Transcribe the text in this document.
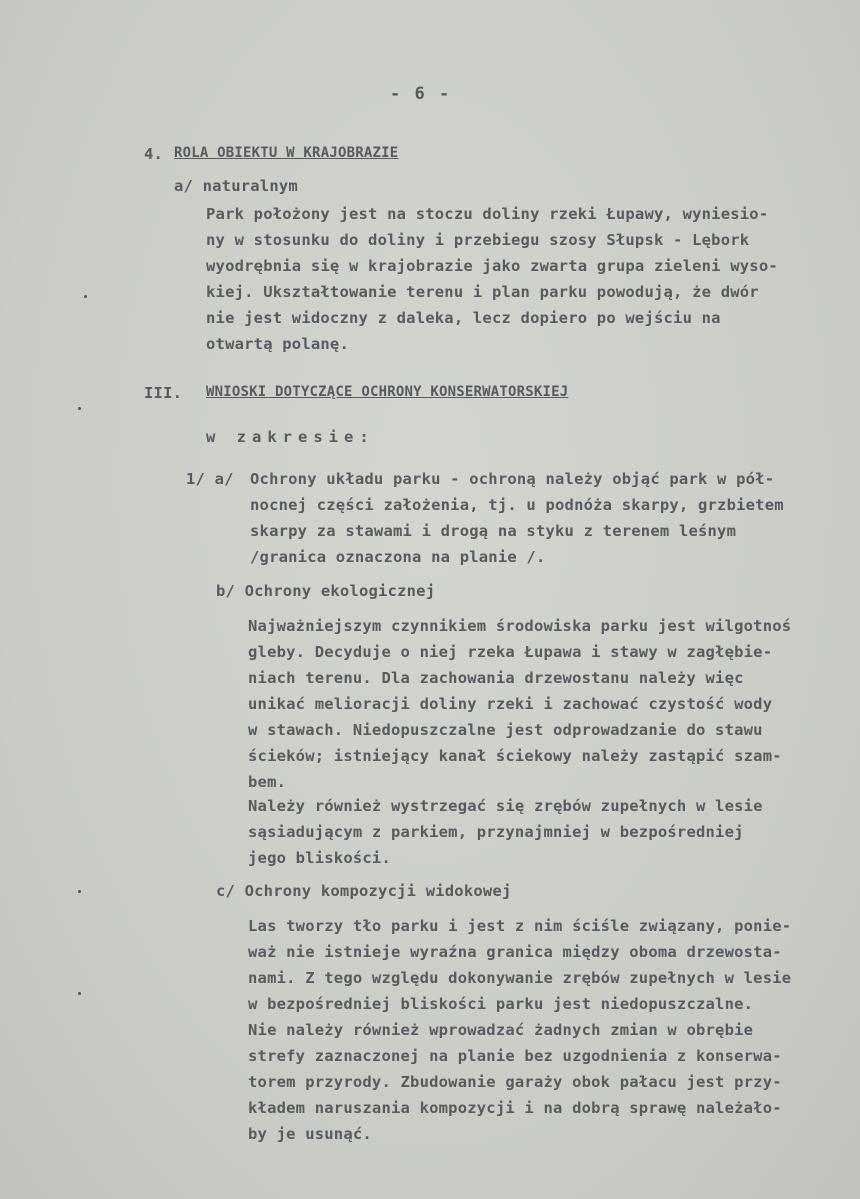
- 6 -
4. ROLA OBIEKTU W KRAJOBRAZIE
a/ naturalnym
Park położony jest na stoczu doliny rzeki Łupawy, wyniesio-
ny w stosunku do doliny i przebiegu szosy Słupsk - Lębork
wyodrębnia się w krajobrazie jako zwarta grupa zieleni wyso-
kiej. Ukształtowanie terenu i plan parku powodują, że dwór
nie jest widoczny z daleka, lecz dopiero po wejściu na
otwartą polanę.
III. WNIOSKI DOTYCZĄCE OCHRONY KONSERWATORSKIEJ
w zakresie:
1/ a/ Ochrony układu parku - ochroną należy objąć park w pół-
nocnej części założenia, tj. u podnóża skarpy, grzbietem
skarpy za stawami i drogą na styku z terenem leśnym
/granica oznaczona na planie /.
b/ Ochrony ekologicznej
Najważniejszym czynnikiem środowiska parku jest wilgotnoś
gleby. Decyduje o niej rzeka Łupawa i stawy w zagłębie-
niach terenu. Dla zachowania drzewostanu należy więc
unikać melioracji doliny rzeki i zachować czystość wody
w stawach. Niedopuszczalne jest odprowadzanie do stawu
ścieków; istniejący kanał ściekowy należy zastąpić szam-
bem.
Należy również wystrzegać się zrębów zupełnych w lesie
sąsiadującym z parkiem, przynajmniej w bezpośredniej
jego bliskości.
c/ Ochrony kompozycji widokowej
Las tworzy tło parku i jest z nim ściśle związany, ponie-
waż nie istnieje wyraźna granica między oboma drzewosta-
nami. Z tego względu dokonywanie zrębów zupełnych w lesie
w bezpośredniej bliskości parku jest niedopuszczalne.
Nie należy również wprowadzać żadnych zmian w obrębie
strefy zaznaczonej na planie bez uzgodnienia z konserwa-
torem przyrody. Zbudowanie garaży obok pałacu jest przy-
kładem naruszania kompozycji i na dobrą sprawę należało-
by je usunąć.
